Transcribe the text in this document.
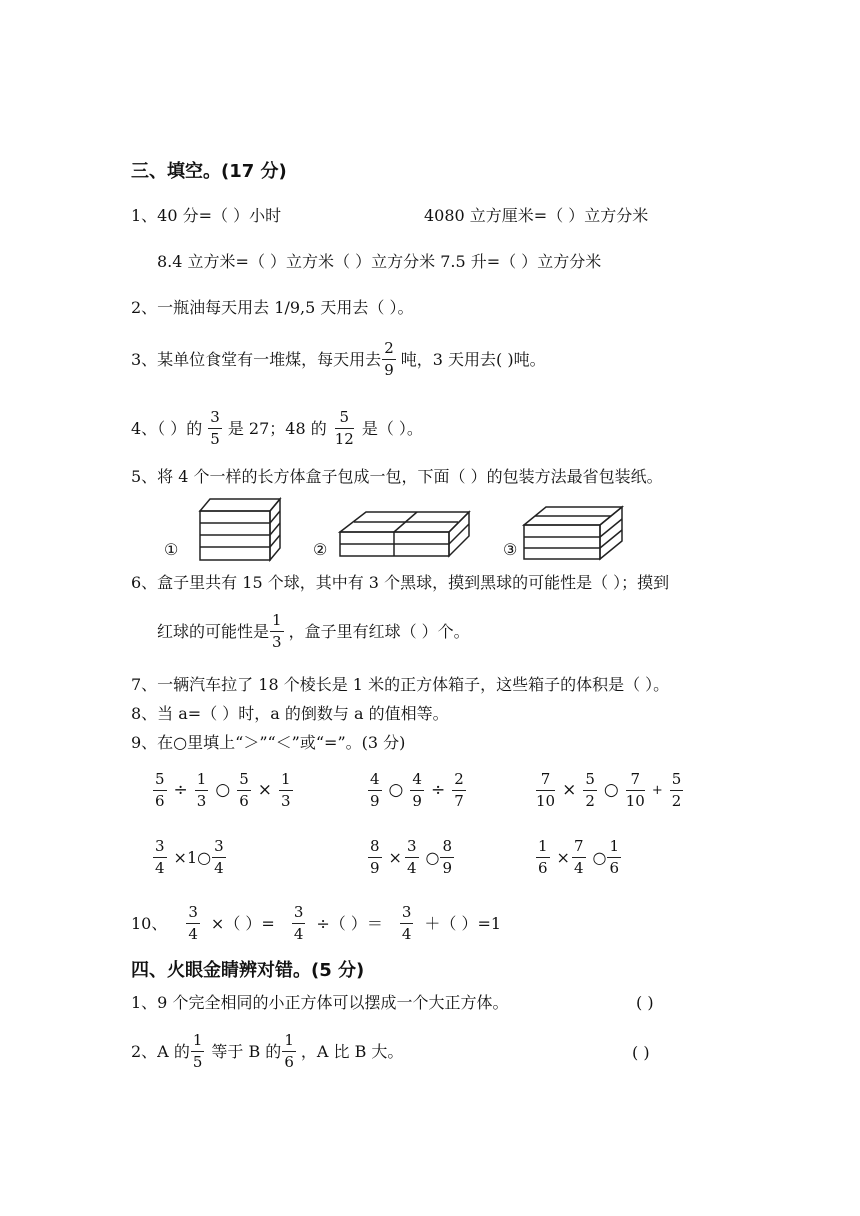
三、填空。(17 分)
1、40 分=（ ）小时	4080 立方厘米=（ ）立方分米
8.4 立方米=（ ）立方米（ ）立方分米 7.5 升=（ ）立方分米
2、一瓶油每天用去 1/9,5 天用去（ ）。
3、某单位食堂有一堆煤，每天用去
2
9
吨，3 天用去( )吨。
4、（ ）的
3
5
是 27；48 的
5
12
是（ ）。
5、将 4 个一样的长方体盒子包成一包，下面（ ）的包装方法最省包装纸。
①	②	③
6、盒子里共有 15 个球，其中有 3 个黑球，摸到黑球的可能性是（ ）；摸到
红球的可能性是
1
3
，盒子里有红球（ ）个。
7、一辆汽车拉了 18 个棱长是 1 米的正方体箱子，这些箱子的体积是（ ）。
8、当 a=（ ）时，a 的倒数与 a 的值相等。
9、在○里填上“＞”“＜”或“=”。(3 分)
$\frac{5}{6} \div \frac{1}{3}$ ○ $\frac{5}{6} \times \frac{1}{3}$	4
9
○ $\frac{4}{9} \div \frac{2}{7}$	$\frac{7}{10} \times \frac{5}{2}$ ○
7
10
+ $\frac{5}{2}$
$\frac{3}{4}$ ×1○
3
4	$\frac{8}{9} \times \frac{3}{4}$ ○
8
9	$\frac{1}{6} \times \frac{7}{4}$ ○
1
6
10、 $\frac{3}{4}$ ×（ ）= $\frac{3}{4}$ ÷（ ）＝
3
4
＋（ ）=1
四、火眼金睛辨对错。(5 分)
1、9 个完全相同的小正方体可以摆成一个大正方体。	( )
2、A 的
1
5
等于 B 的
1
6
，A 比 B 大。	( )
